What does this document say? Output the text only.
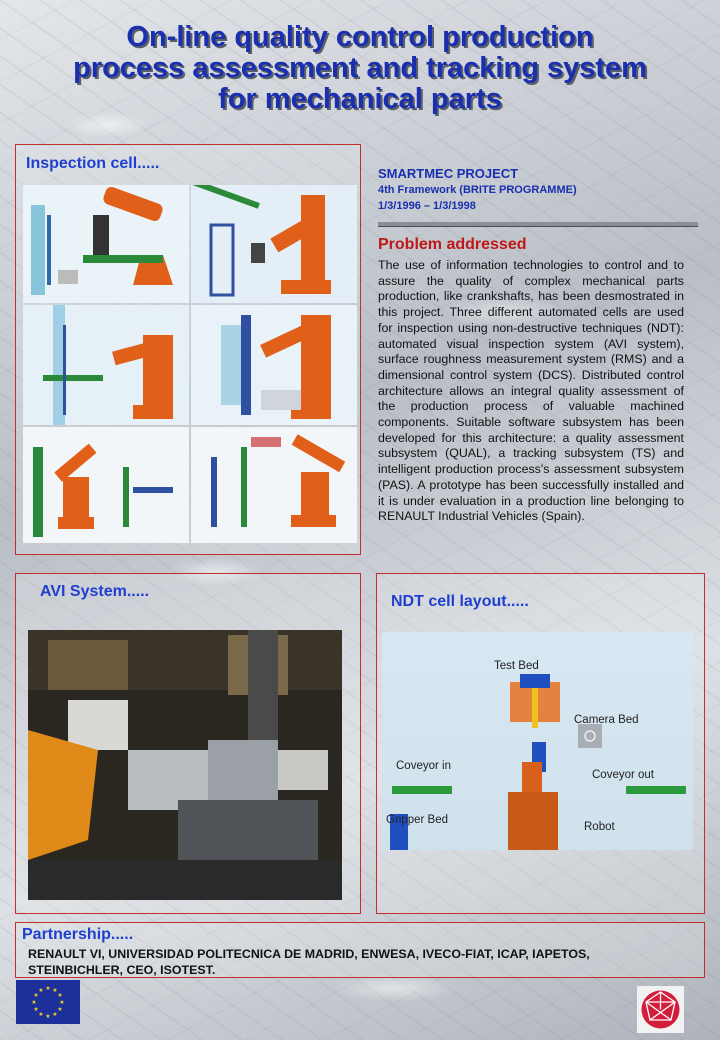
On-line quality control production
process assessment and tracking system
for mechanical parts
Inspection cell.....
SMARTMEC PROJECT
4th Framework (BRITE PROGRAMME)
1/3/1996 – 1/3/1998
Problem addressed

The use of information technologies to control and to assure the quality of complex mechanical parts production, like crankshafts, has been desmostrated in this project. Three different automated cells are used for inspection using non-destructive techniques (NDT): automated visual inspection system (AVI system), surface roughness measurement system (RMS) and a dimensional control system (DCS). Distributed control architecture allows an integral quality assessment of the production process of valuable machined components. Suitable software subsystem has been developed for this architecture: a quality assessment subsystem (QUAL), a tracking subsystem (TS) and intelligent production process's assessment subsystem (PAS). A prototype has been successfully installed and it is under evaluation in a production line belonging to RENAULT Industrial Vehicles (Spain).

AVI System.....
NDT cell layout.....
Test Bed
Camera Bed
Coveyor in
Coveyor out
Gripper Bed
Robot
Partnership.....

RENAULT VI, UNIVERSIDAD POLITECNICA DE MADRID, ENWESA, IVECO-FIAT, ICAP, IAPETOS, STEINBICHLER, CEO, ISOTEST.

★ ★
★
★
★
★
★
★
★
★
★
★
